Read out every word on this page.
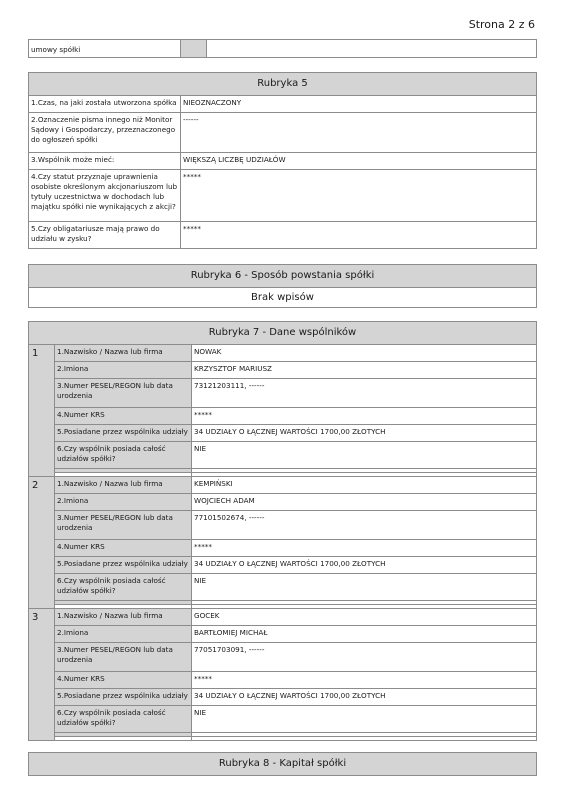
Strona 2 z 6
umowy spółki		
Rubryka 5	
1.Czas, na jaki została utworzona spółka	NIEOZNACZONY
2.Oznaczenie pisma innego niż Monitor Sądowy i Gospodarczy, przeznaczonego do ogłoszeń spółki	------
3.Wspólnik może mieć:	WIĘKSZĄ LICZBĘ UDZIAŁÓW
4.Czy statut przyznaje uprawnienia osobiste określonym akcjonariuszom lub tytuły uczestnictwa w dochodach lub majątku spółki nie wynikających z akcji?	*****
5.Czy obligatariusze mają prawo do udziału w zysku?	*****
Rubryka 6 - Sposób powstania spółki
Brak wpisów
Rubryka 7 - Dane wspólników		
1	1.Nazwisko / Nazwa lub firma	NOWAK
	2.Imiona	KRZYSZTOF MARIUSZ
	3.Numer PESEL/REGON lub data urodzenia	73121203111, ------
	4.Numer KRS	*****
	5.Posiadane przez wspólnika udziały	34 UDZIAŁY O ŁĄCZNEJ WARTOŚCI 1700,00 ZŁOTYCH
	6.Czy wspólnik posiada całość udziałów spółki?	NIE

2	1.Nazwisko / Nazwa lub firma	KEMPIŃSKI
	2.Imiona	WOJCIECH ADAM
	3.Numer PESEL/REGON lub data urodzenia	77101502674, ------
	4.Numer KRS	*****
	5.Posiadane przez wspólnika udziały	34 UDZIAŁY O ŁĄCZNEJ WARTOŚCI 1700,00 ZŁOTYCH
	6.Czy wspólnik posiada całość udziałów spółki?	NIE

3	1.Nazwisko / Nazwa lub firma	GOCEK
	2.Imiona	BARTŁOMIEJ MICHAŁ
	3.Numer PESEL/REGON lub data urodzenia	77051703091, ------
	4.Numer KRS	*****
	5.Posiadane przez wspólnika udziały	34 UDZIAŁY O ŁĄCZNEJ WARTOŚCI 1700,00 ZŁOTYCH
	6.Czy wspólnik posiada całość udziałów spółki?	NIE

Rubryka 8 - Kapitał spółki
